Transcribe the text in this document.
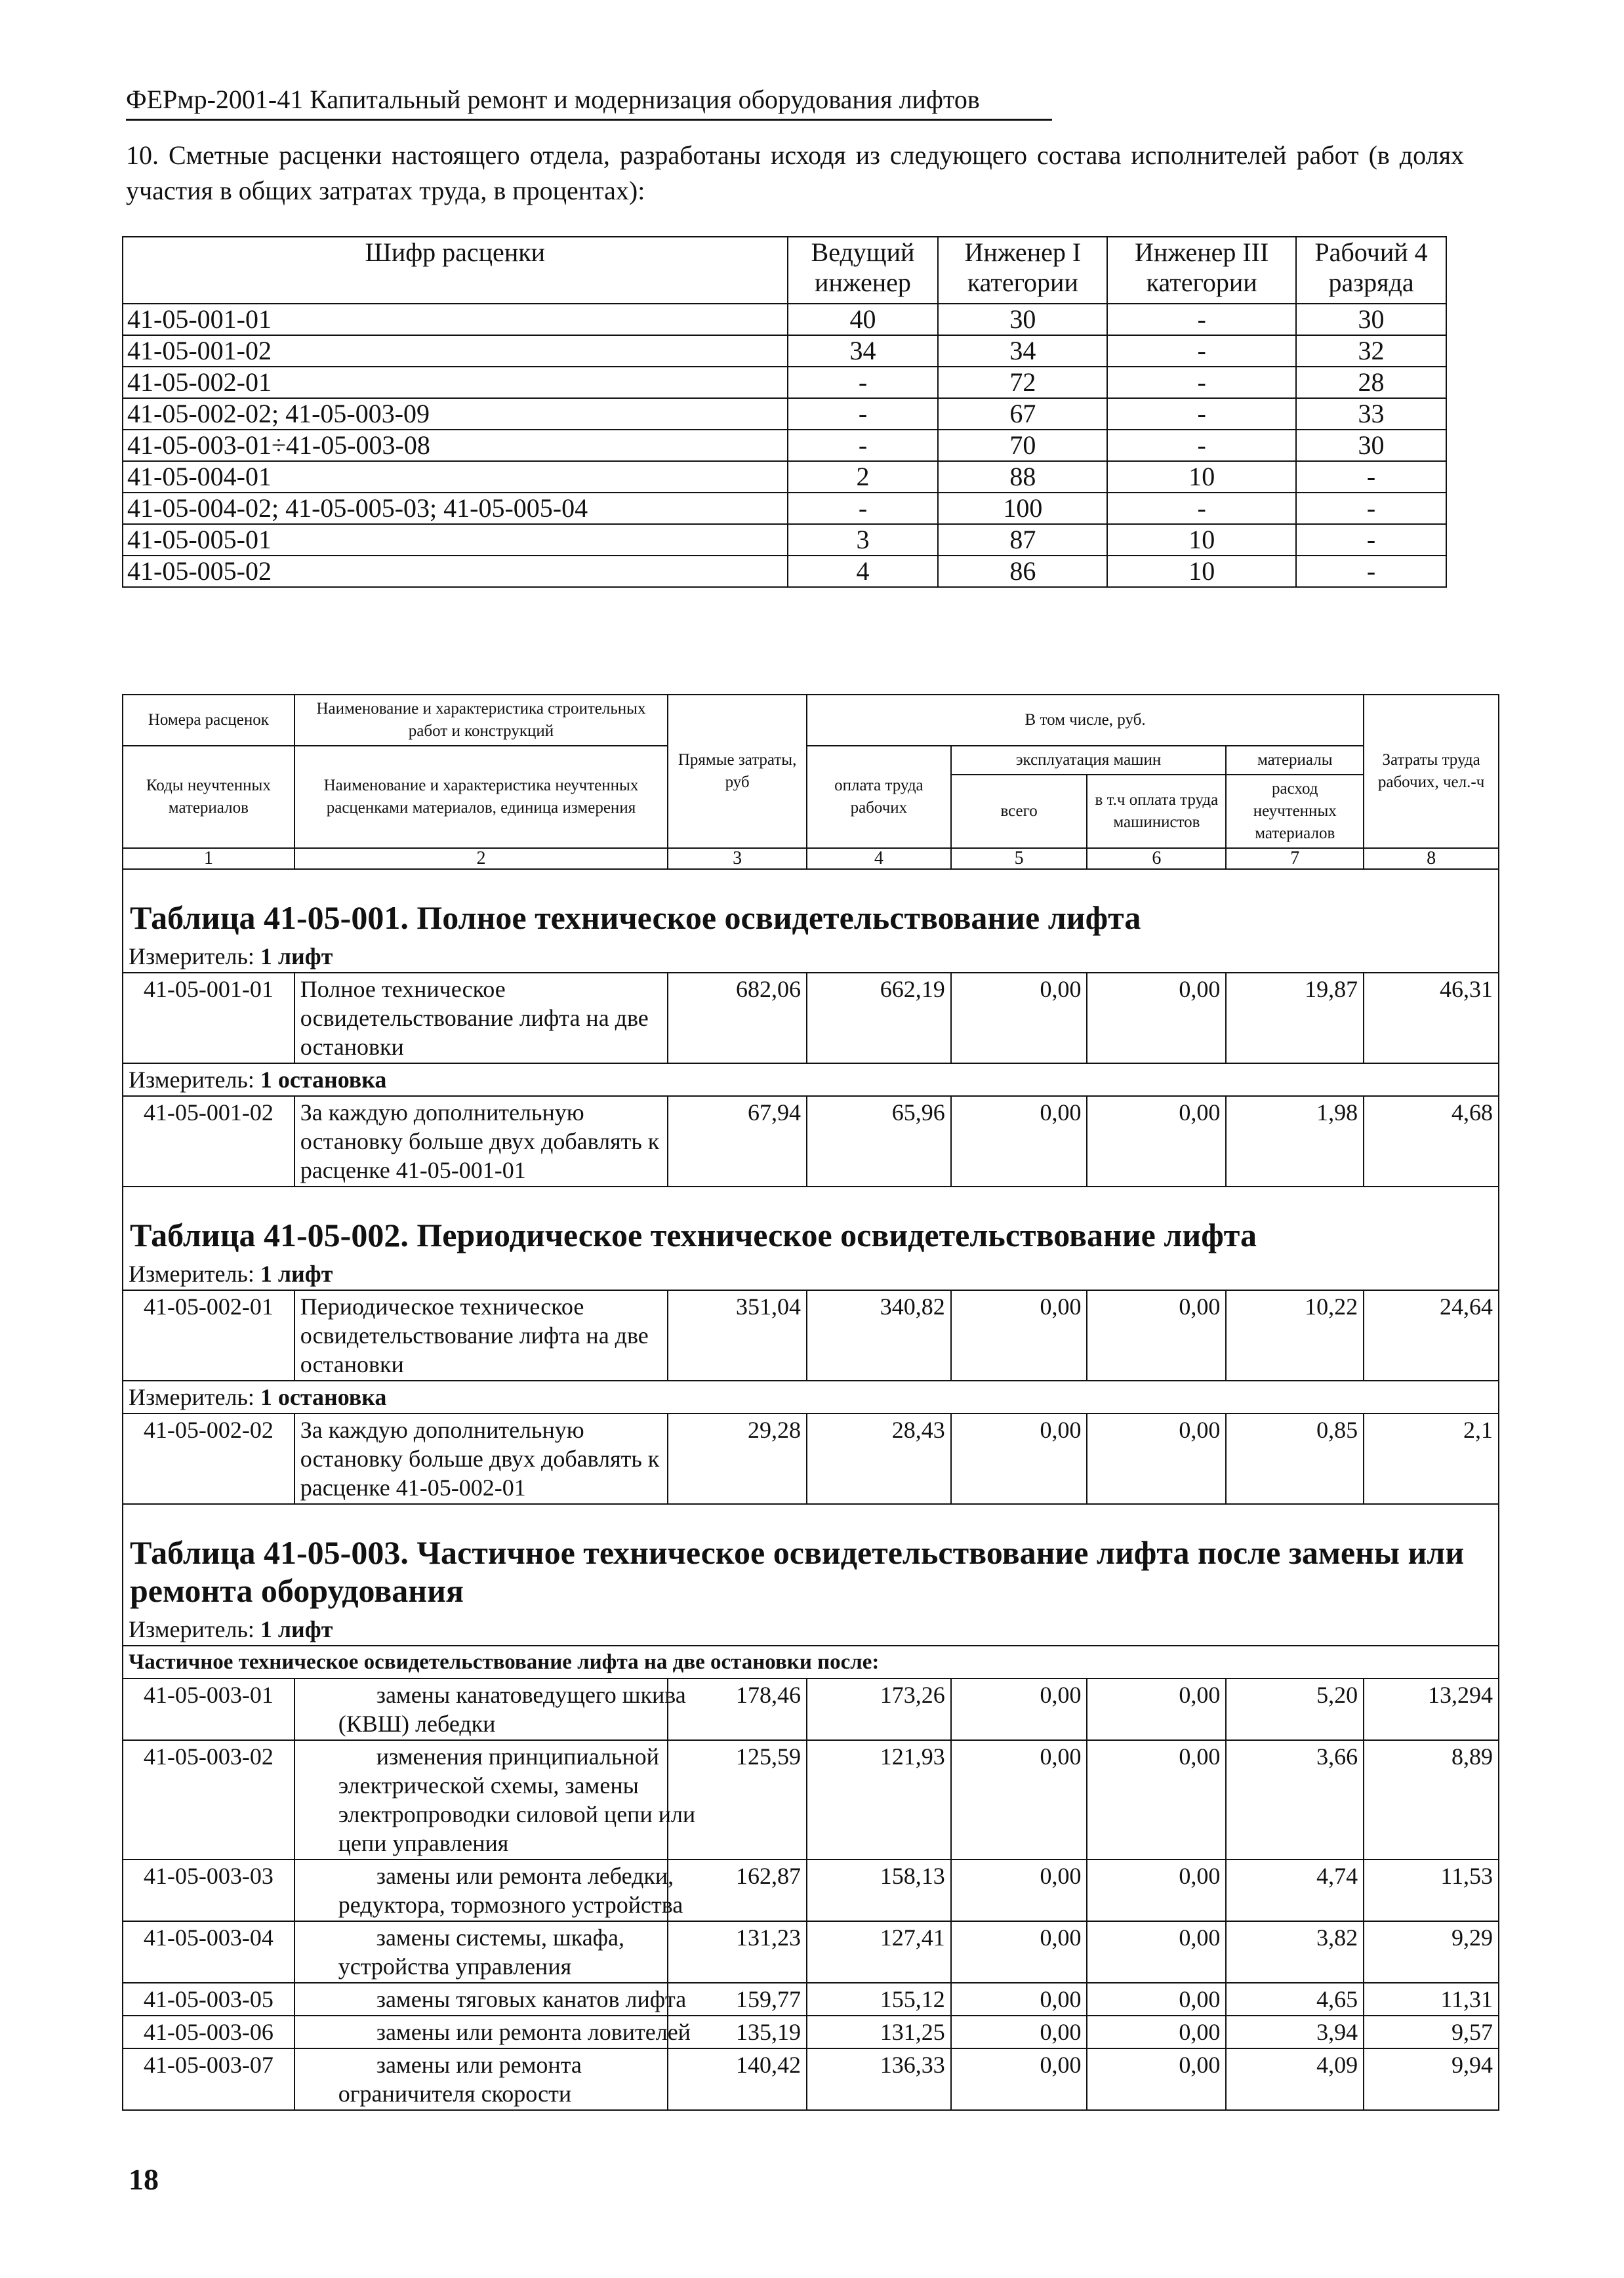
ФЕРмр-2001-41 Капитальный ремонт и модернизация оборудования лифтов
10. Сметные расценки настоящего отдела, разработаны исходя из следующего состава исполнителей работ (в долях участия в общих затратах труда, в процентах):
Шифр расценки	Ведущий инженер	Инженер I категории	Инженер III категории	Рабочий 4 разряда
41-05-001-01	40	30	-	30
41-05-001-02	34	34	-	32
41-05-002-01	-	72	-	28
41-05-002-02; 41-05-003-09	-	67	-	33
41-05-003-01÷41-05-003-08	-	70	-	30
41-05-004-01	2	88	10	-
41-05-004-02; 41-05-005-03; 41-05-005-04	-	100	-	-
41-05-005-01	3	87	10	-
41-05-005-02	4	86	10	-
Номера расценок	Наименование и характеристика строительных работ и конструкций	Прямые затраты, руб	В том числе, руб.				Затраты труда рабочих, чел.-ч
Коды неучтенных материалов	Наименование и характеристика неучтенных расценками материалов, единица измерения		оплата труда рабочих	эксплуатация машин		материалы	
				всего	в т.ч оплата труда машинистов	расход неучтенных материалов	
1	2	3	4	5	6	7	8
Таблица 41-05-001. Полное техническое освидетельствование лифта							
Измеритель: 1 лифт							
41-05-001-01	Полное техническое освидетельствование лифта на две остановки	682,06	662,19	0,00	0,00	19,87	46,31
Измеритель: 1 остановка							
41-05-001-02	За каждую дополнительную остановку больше двух добавлять к расценке 41-05-001-01	67,94	65,96	0,00	0,00	1,98	4,68
Таблица 41-05-002. Периодическое техническое освидетельствование лифта							
Измеритель: 1 лифт							
41-05-002-01	Периодическое техническое освидетельствование лифта на две остановки	351,04	340,82	0,00	0,00	10,22	24,64
Измеритель: 1 остановка							
41-05-002-02	За каждую дополнительную остановку больше двух добавлять к расценке 41-05-002-01	29,28	28,43	0,00	0,00	0,85	2,1
Таблица 41-05-003. Частичное техническое освидетельствование лифта после замены или ремонта оборудования							
Измеритель: 1 лифт							
Частичное техническое освидетельствование лифта на две остановки после:							
41-05-003-01	замены канатоведущего шкива (КВШ) лебедки	178,46	173,26	0,00	0,00	5,20	13,294
41-05-003-02	изменения принципиальной электрической схемы, замены электропроводки силовой цепи или цепи управления	125,59	121,93	0,00	0,00	3,66	8,89
41-05-003-03	замены или ремонта лебедки, редуктора, тормозного устройства	162,87	158,13	0,00	0,00	4,74	11,53
41-05-003-04	замены системы, шкафа, устройства управления	131,23	127,41	0,00	0,00	3,82	9,29
41-05-003-05	замены тяговых канатов лифта	159,77	155,12	0,00	0,00	4,65	11,31
41-05-003-06	замены или ремонта ловителей	135,19	131,25	0,00	0,00	3,94	9,57
41-05-003-07	замены или ремонта ограничителя скорости	140,42	136,33	0,00	0,00	4,09	9,94
18
